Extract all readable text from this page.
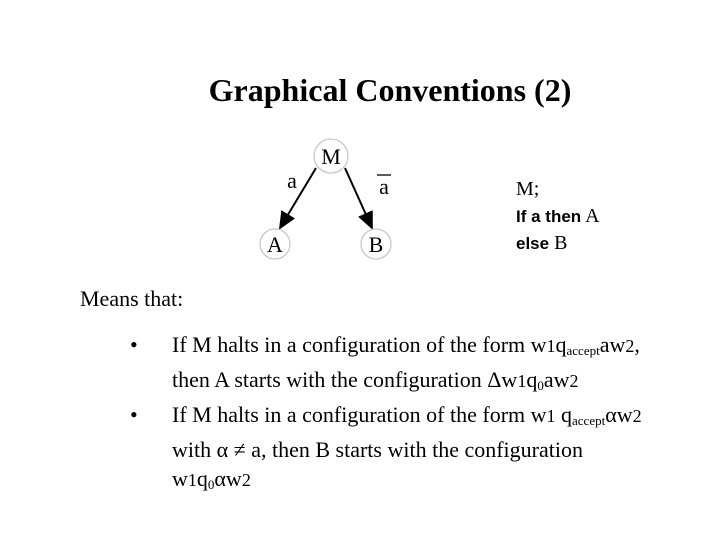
Graphical Conventions (2)
M
A	B
a	a	M;
If a then A
else B
Means that:
• If M halts in a configuration of the form $w1q_{accept}aw2$,
then A starts with the configuration $\Delta w1q_0aw2$
• If M halts in a configuration of the form w1 $q_{accept}\alpha w2$
with α ≠ a, then B starts with the configuration
$w1q_0\alpha w2$
